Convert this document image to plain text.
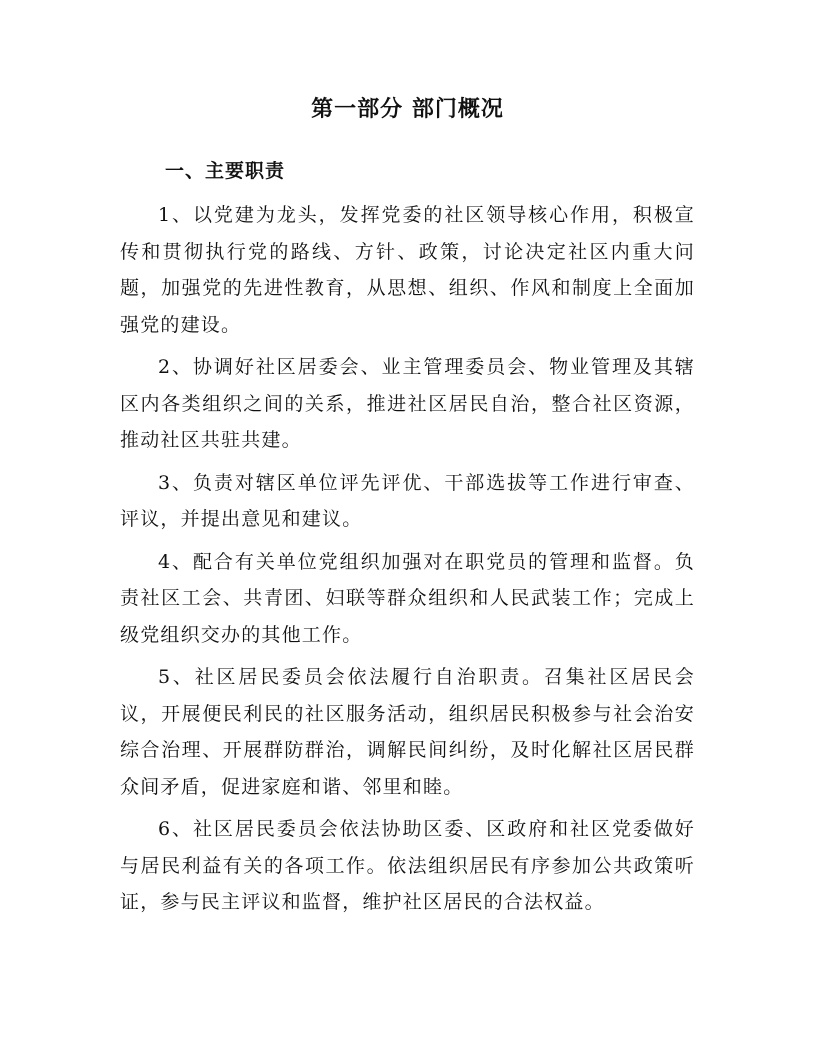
第一部分 部门概况
一、主要职责

1、以党建为龙头，发挥党委的社区领导核心作用，积极宣传和贯彻执行党的路线、方针、政策，讨论决定社区内重大问题，加强党的先进性教育，从思想、组织、作风和制度上全面加强党的建设。

2、协调好社区居委会、业主管理委员会、物业管理及其辖区内各类组织之间的关系，推进社区居民自治，整合社区资源，推动社区共驻共建。

3、负责对辖区单位评先评优、干部选拔等工作进行审查、评议，并提出意见和建议。

4、配合有关单位党组织加强对在职党员的管理和监督。负责社区工会、共青团、妇联等群众组织和人民武装工作；完成上级党组织交办的其他工作。

5、社区居民委员会依法履行自治职责。召集社区居民会议，开展便民利民的社区服务活动，组织居民积极参与社会治安综合治理、开展群防群治，调解民间纠纷，及时化解社区居民群众间矛盾，促进家庭和谐、邻里和睦。

6、社区居民委员会依法协助区委、区政府和社区党委做好与居民利益有关的各项工作。依法组织居民有序参加公共政策听证，参与民主评议和监督，维护社区居民的合法权益。
